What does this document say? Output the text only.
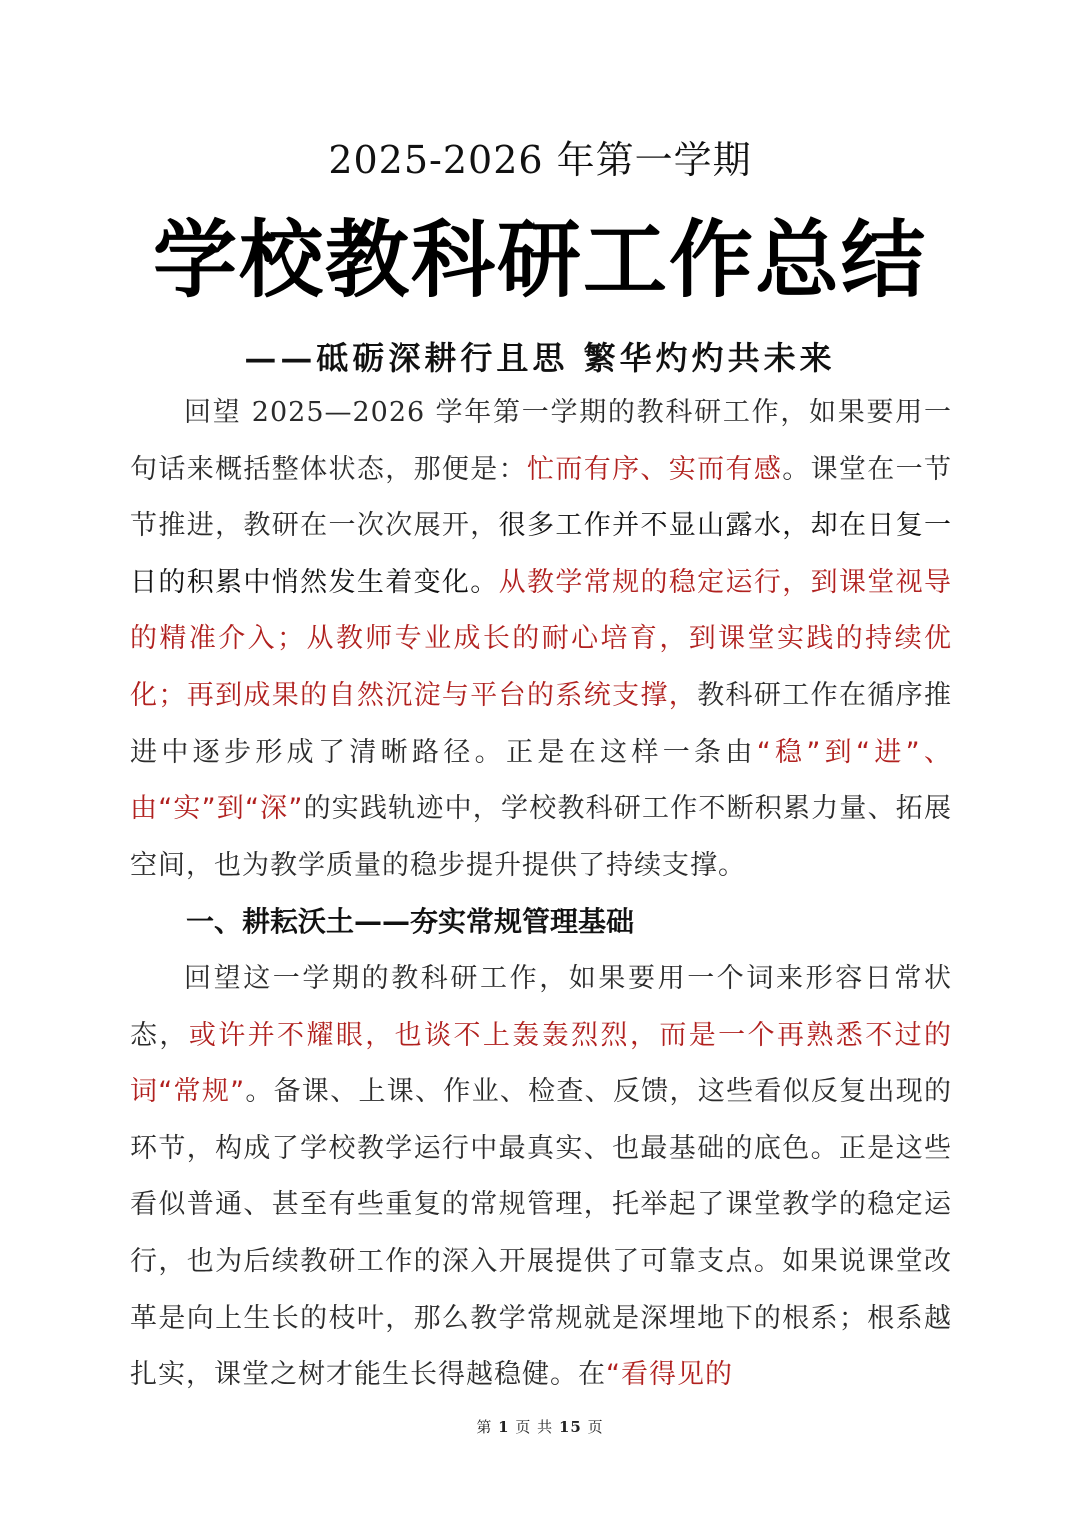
2025-2026 年第一学期
学校教科研工作总结
——砥砺深耕行且思 繁华灼灼共未来

回望 2025—2026 学年第一学期的教科研工作，如果要用一句话来概括整体状态，那便是：忙而有序、实而有感。课堂在一节节推进，教研在一次次展开，很多工作并不显山露水，却在日复一日的积累中悄然发生着变化。从教学常规的稳定运行，到课堂视导的精准介入；从教师专业成长的耐心培育，到课堂实践的持续优化；再到成果的自然沉淀与平台的系统支撑，教科研工作在循序推进中逐步形成了清晰路径。正是在这样一条由“稳”到“进”、由“实”到“深”的实践轨迹中，学校教科研工作不断积累力量、拓展空间，也为教学质量的稳步提升提供了持续支撑。

一、耕耘沃土——夯实常规管理基础

回望这一学期的教科研工作，如果要用一个词来形容日常状态，或许并不耀眼，也谈不上轰轰烈烈，而是一个再熟悉不过的词“常规”。备课、上课、作业、检查、反馈，这些看似反复出现的环节，构成了学校教学运行中最真实、也最基础的底色。正是这些看似普通、甚至有些重复的常规管理，托举起了课堂教学的稳定运行，也为后续教研工作的深入开展提供了可靠支点。如果说课堂改革是向上生长的枝叶，那么教学常规就是深埋地下的根系；根系越扎实，课堂之树才能生长得越稳健。在“看得见的

第 1 页 共 15 页
